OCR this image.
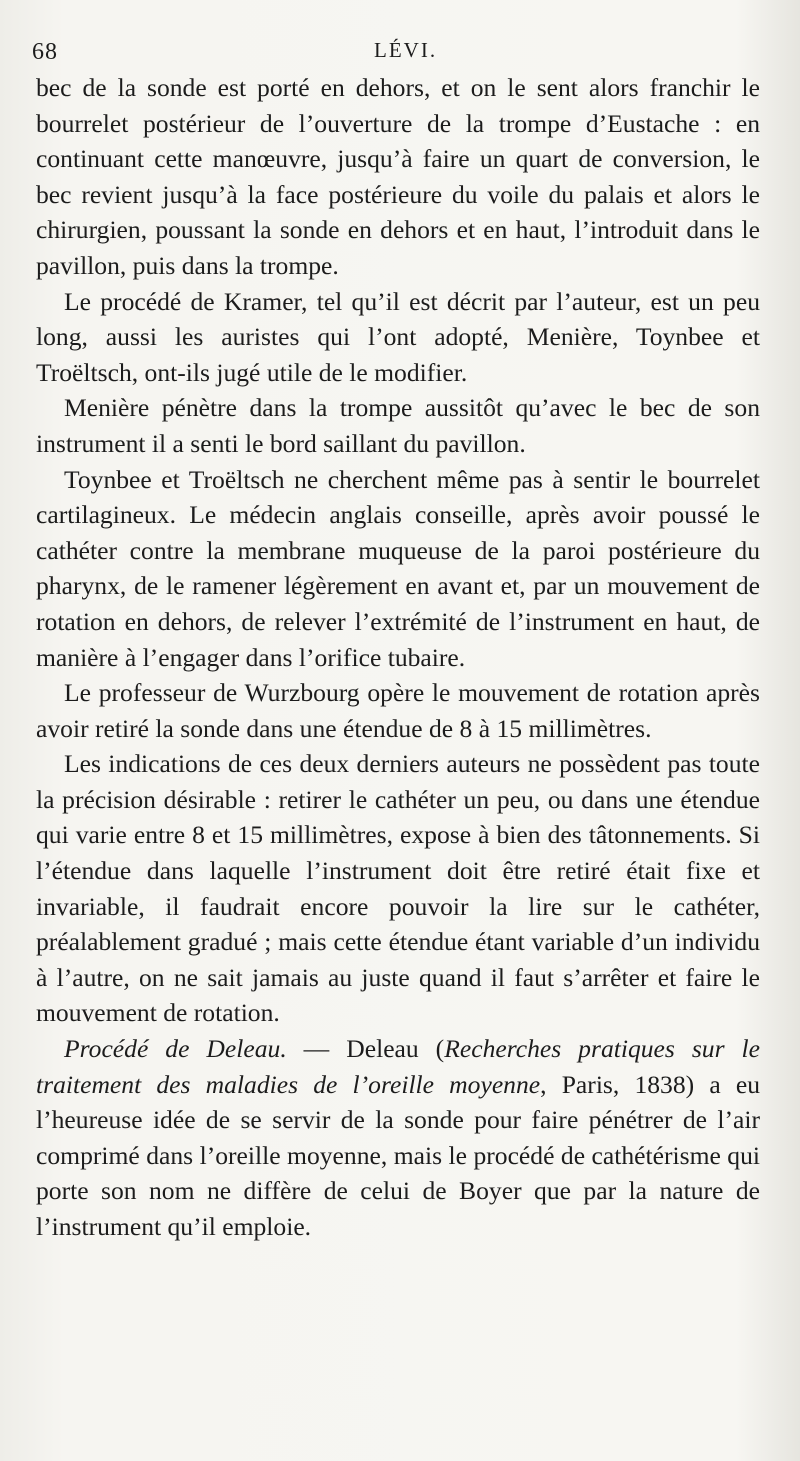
68	LÉVI.

bec de la sonde est porté en dehors, et on le sent alors franchir le bourrelet postérieur de l’ouverture de la trompe d’Eustache : en continuant cette manœuvre, jusqu’à faire un quart de conversion, le bec revient jusqu’à la face postérieure du voile du palais et alors le chirurgien, poussant la sonde en dehors et en haut, l’introduit dans le pavillon, puis dans la trompe.

Le procédé de Kramer, tel qu’il est décrit par l’auteur, est un peu long, aussi les auristes qui l’ont adopté, Menière, Toynbee et Troëltsch, ont-ils jugé utile de le modifier.

Menière pénètre dans la trompe aussitôt qu’avec le bec de son instrument il a senti le bord saillant du pavillon.

Toynbee et Troëltsch ne cherchent même pas à sentir le bourrelet cartilagineux. Le médecin anglais conseille, après avoir poussé le cathéter contre la membrane muqueuse de la paroi postérieure du pharynx, de le ramener légèrement en avant et, par un mouvement de rotation en dehors, de relever l’extrémité de l’instrument en haut, de manière à l’engager dans l’orifice tubaire.

Le professeur de Wurzbourg opère le mouvement de rotation après avoir retiré la sonde dans une étendue de 8 à 15 millimètres.

Les indications de ces deux derniers auteurs ne possèdent pas toute la précision désirable : retirer le cathéter un peu, ou dans une étendue qui varie entre 8 et 15 millimètres, expose à bien des tâtonnements. Si l’étendue dans laquelle l’instrument doit être retiré était fixe et invariable, il faudrait encore pouvoir la lire sur le cathéter, préalablement gradué ; mais cette étendue étant variable d’un individu à l’autre, on ne sait jamais au juste quand il faut s’arrêter et faire le mouvement de rotation.

Procédé de Deleau. — Deleau (Recherches pratiques sur le traitement des maladies de l’oreille moyenne, Paris, 1838) a eu l’heureuse idée de se servir de la sonde pour faire pénétrer de l’air comprimé dans l’oreille moyenne, mais le procédé de cathétérisme qui porte son nom ne diffère de celui de Boyer que par la nature de l’instrument qu’il emploie.
